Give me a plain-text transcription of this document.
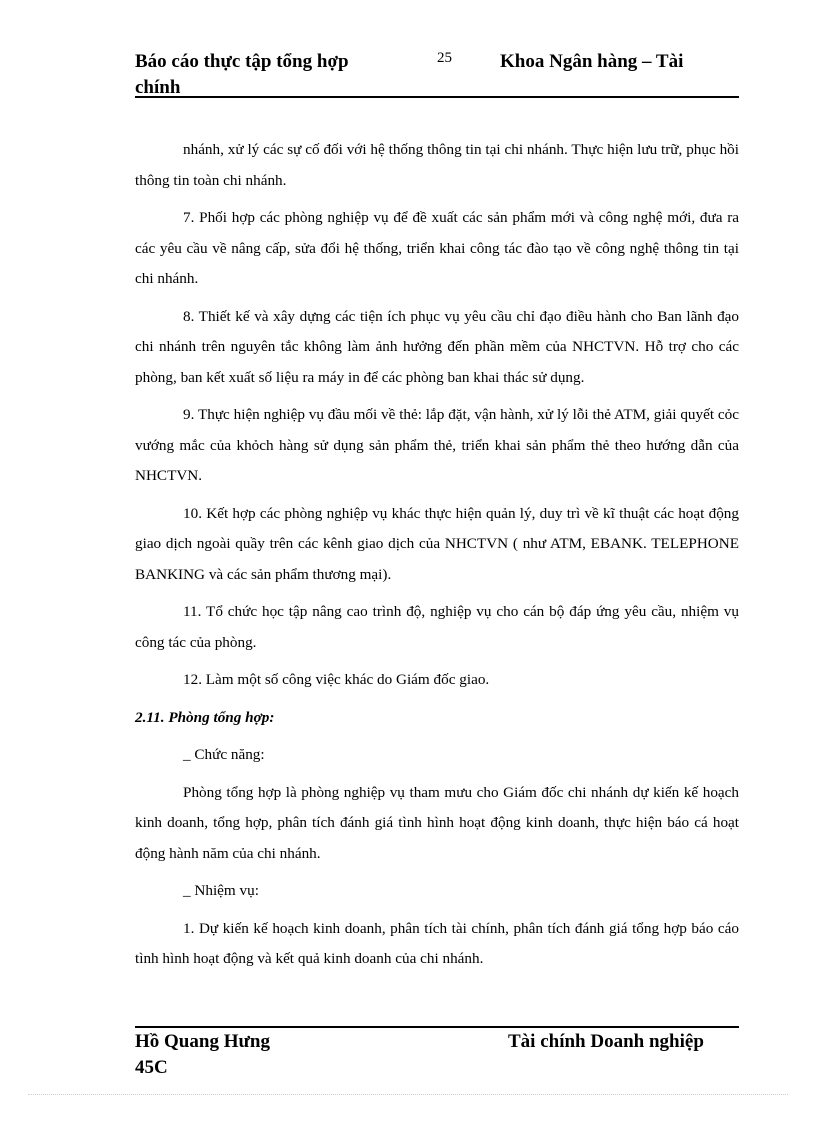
Báo cáo thực tập tổng hợp
chính
25	Khoa Ngân hàng – Tài

nhánh, xử lý các sự cố đối với hệ thống thông tin tại chi nhánh. Thực hiện lưu trữ, phục hồi thông tin toàn chi nhánh.

7. Phối hợp các phòng nghiệp vụ để đề xuất các sản phẩm mới và công nghệ mới, đưa ra các yêu cầu về nâng cấp, sửa đổi hệ thống, triển khai công tác đào tạo về công nghệ thông tin tại chi nhánh.

8. Thiết kế và xây dựng các tiện ích phục vụ yêu cầu chỉ đạo điều hành cho Ban lãnh đạo chi nhánh trên nguyên tắc không làm ảnh hưởng đến phần mềm của NHCTVN. Hỗ trợ cho các phòng, ban kết xuất số liệu ra máy in để các phòng ban khai thác sử dụng.

9. Thực hiện nghiệp vụ đầu mối về thẻ: lắp đặt, vận hành, xử lý lỗi thẻ ATM, giải quyết cỏc vướng mắc của khỏch hàng sử dụng sản phẩm thẻ, triển khai sản phẩm thẻ theo hướng dẫn của NHCTVN.

10. Kết hợp các phòng nghiệp vụ khác thực hiện quản lý, duy trì về kĩ thuật các hoạt động giao dịch ngoài quầy trên các kênh giao dịch của NHCTVN ( như ATM, EBANK. TELEPHONE BANKING và các sản phẩm thương mại).

11. Tổ chức học tập nâng cao trình độ, nghiệp vụ cho cán bộ đáp ứng yêu cầu, nhiệm vụ công tác của phòng.

12. Làm một số công việc khác do Giám đốc giao.

2.11. Phòng tổng hợp:

_ Chức năng:

Phòng tổng hợp là phòng nghiệp vụ tham mưu cho Giám đốc chi nhánh dự kiến kế hoạch kinh doanh, tổng hợp, phân tích đánh giá tình hình hoạt động kinh doanh, thực hiện báo cá hoạt động hành năm của chi nhánh.

_ Nhiệm vụ:

1. Dự kiến kế hoạch kinh doanh, phân tích tài chính, phân tích đánh giá tổng hợp báo cáo tình hình hoạt động và kết quả kinh doanh của chi nhánh.

Hồ Quang Hưng
45C
Tài chính Doanh nghiệp
